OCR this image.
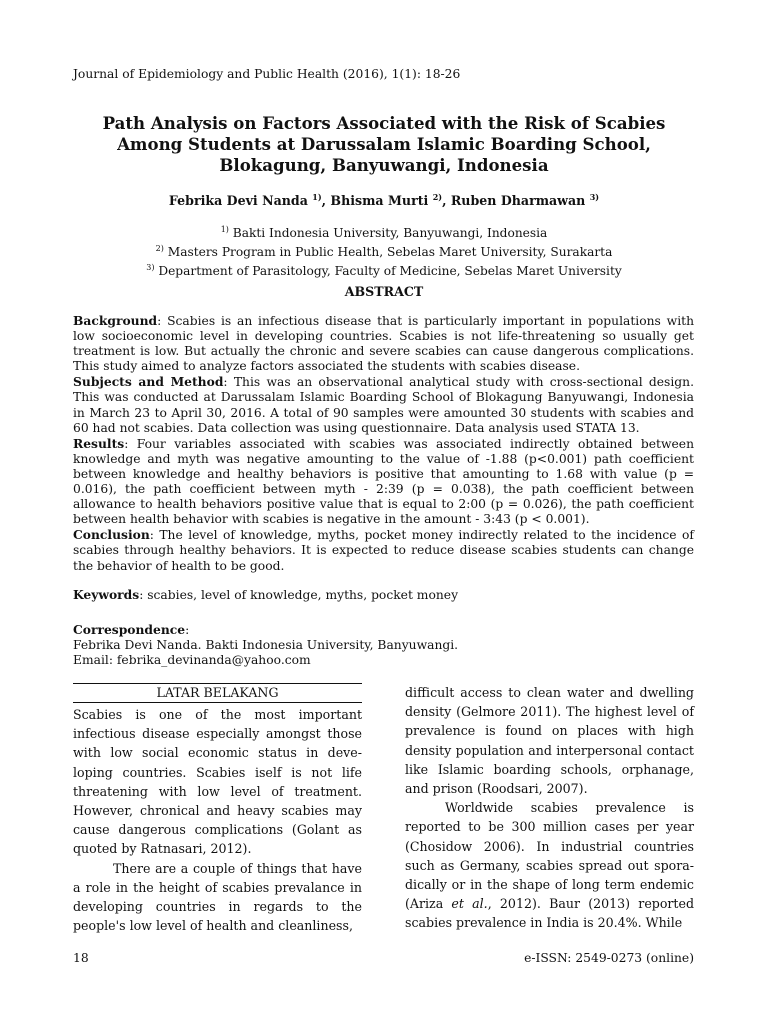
Journal of Epidemiology and Public Health (2016), 1(1): 18-26
Path Analysis on Factors Associated with the Risk of Scabies
Among Students at Darussalam Islamic Boarding School,
Blokagung, Banyuwangi, Indonesia
Febrika Devi Nanda $^{1)}$, Bhisma Murti $^{2)}$, Ruben Dharmawan $^{3)}$
$^{1)}$ Bakti Indonesia University, Banyuwangi, Indonesia
$^{2)}$ Masters Program in Public Health, Sebelas Maret University, Surakarta
$^{3)}$ Department of Parasitology, Faculty of Medicine, Sebelas Maret University
ABSTRACT

Background: Scabies is an infectious disease that is particularly important in populations with low socioeconomic level in developing countries. Scabies is not life-threatening so usually get treatment is low. But actually the chronic and severe scabies can cause dangerous complications. This study aimed to analyze factors associated the students with scabies disease.

Subjects and Method: This was an observational analytical study with cross-sectional design. This was conducted at Darussalam Islamic Boarding School of Blokagung Banyuwangi, Indonesia in March 23 to April 30, 2016. A total of 90 samples were amounted 30 students with scabies and 60 had not scabies. Data collection was using questionnaire. Data analysis used STATA 13.

Results: Four variables associated with scabies was associated indirectly obtained between knowledge and myth was negative amounting to the value of -1.88 (p<0.001) path coefficient between knowledge and healthy behaviors is positive that amounting to 1.68 with value (p = 0.016), the path coefficient between myth - 2:39 (p = 0.038), the path coefficient between allowance to health behaviors positive value that is equal to 2:00 (p = 0.026), the path coefficient between health behavior with scabies is negative in the amount - 3:43 (p < 0.001).

Conclusion: The level of knowledge, myths, pocket money indirectly related to the incidence of scabies through healthy behaviors. It is expected to reduce disease scabies students can change the behavior of health to be good.

Keywords: scabies, level of knowledge, myths, pocket money
Correspondence:
Febrika Devi Nanda. Bakti Indonesia University, Banyuwangi.
Email: febrika_devinanda@yahoo.com
LATAR BELAKANG

Scabies is one of the most important infectious disease especially amongst those with low social economic status in deve-loping countries. Scabies iself is not life threatening with low level of treatment. However, chronical and heavy scabies may cause dangerous complications (Golant as quoted by Ratnasari, 2012).

There are a couple of things that have a role in the height of scabies prevalance in developing countries in regards to the people's low level of health and cleanliness,

difficult access to clean water and dwelling density (Gelmore 2011). The highest level of prevalence is found on places with high density population and interpersonal contact like Islamic boarding schools, orphanage, and prison (Roodsari, 2007).

Worldwide scabies prevalence is reported to be 300 million cases per year (Chosidow 2006). In industrial countries such as Germany, scabies spread out spora-dically or in the shape of long term endemic (Ariza et al., 2012). Baur (2013) reported scabies prevalence in India is 20.4%. While

18	e-ISSN: 2549-0273 (online)
